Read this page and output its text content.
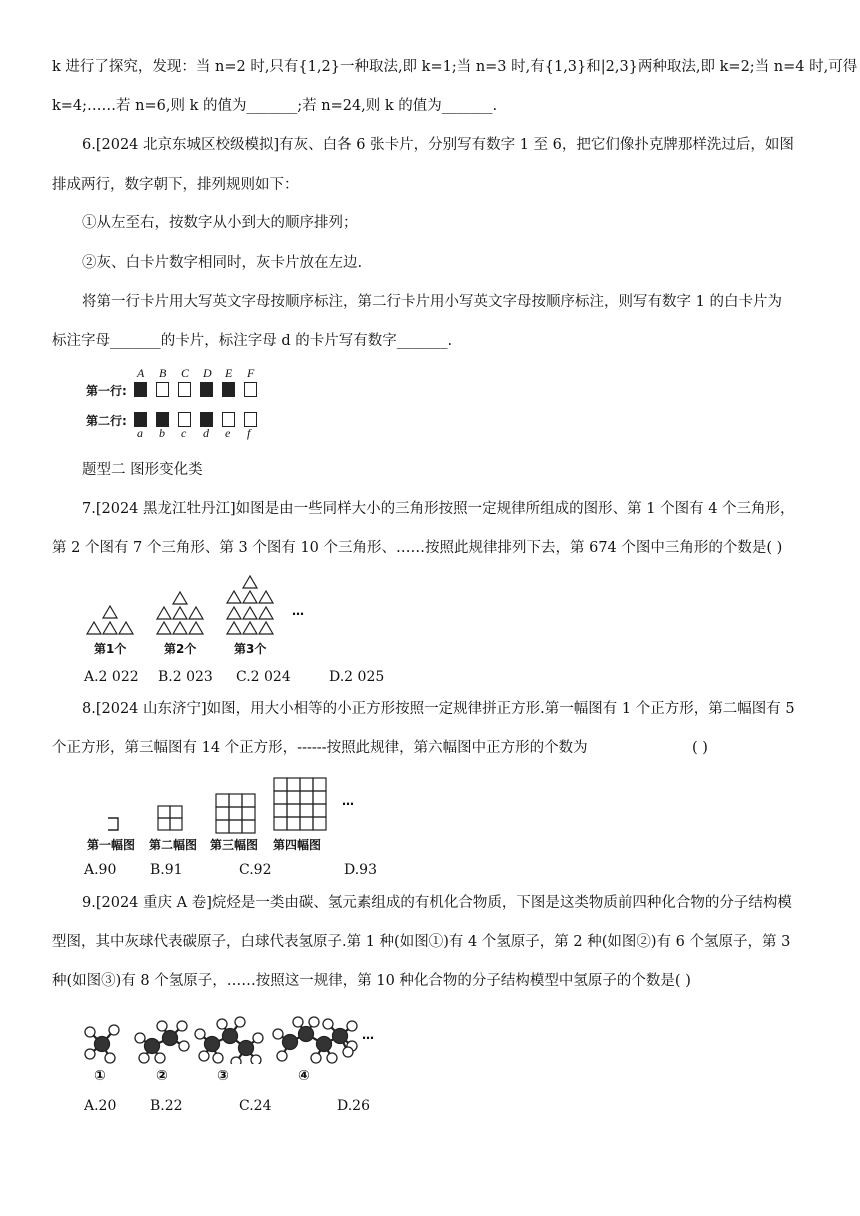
k 进行了探究，发现：当 n=2 时,只有{1,2}一种取法,即 k=1;当 n=3 时,有{1,3}和|2,3}两种取法,即 k=2;当 n=4 时,可得
k=4;……若 n=6,则 k 的值为_______;若 n=24,则 k 的值为_______.
6.[2024 北京东城区校级模拟]有灰、白各 6 张卡片，分别写有数字 1 至 6，把它们像扑克牌那样洗过后，如图
排成两行，数字朝下，排列规则如下：
①从左至右，按数字从小到大的顺序排列；
②灰、白卡片数字相同时，灰卡片放在左边.
将第一行卡片用大写英文字母按顺序标注，第二行卡片用小写英文字母按顺序标注，则写有数字 1 的白卡片为
标注字母_______的卡片，标注字母 d 的卡片写有数字_______.
A B C D E F
第一行:
第二行:
a b c d e f
题型二 图形变化类
7.[2024 黑龙江牡丹江]如图是由一些同样大小的三角形按照一定规律所组成的图形、第 1 个图有 4 个三角形，
第 2 个图有 7 个三角形、第 3 个图有 10 个三角形、……按照此规律排列下去，第 674 个图中三角形的个数是( )
第1个	第2个	第3个
…
A.2 022 B.2 023 C.2 024	D.2 025
8.[2024 山东济宁]如图，用大小相等的小正方形按照一定规律拼正方形.第一幅图有 1 个正方形，第二幅图有 5
个正方形，第三幅图有 14 个正方形，------按照此规律，第六幅图中正方形的个数为	( )
第一幅图 第二幅图 第三幅图 第四幅图
…
A.90 B.91	C.92	D.93
9.[2024 重庆 A 卷]烷烃是一类由碳、氢元素组成的有机化合物质，下图是这类物质前四种化合物的分子结构模
型图，其中灰球代表碳原子，白球代表氢原子.第 1 种(如图①)有 4 个氢原子，第 2 种(如图②)有 6 个氢原子，第 3
种(如图③)有 8 个氢原子，……按照这一规律，第 10 种化合物的分子结构模型中氢原子的个数是( )
①	②	③	④
…
A.20 B.22	C.24	D.26
